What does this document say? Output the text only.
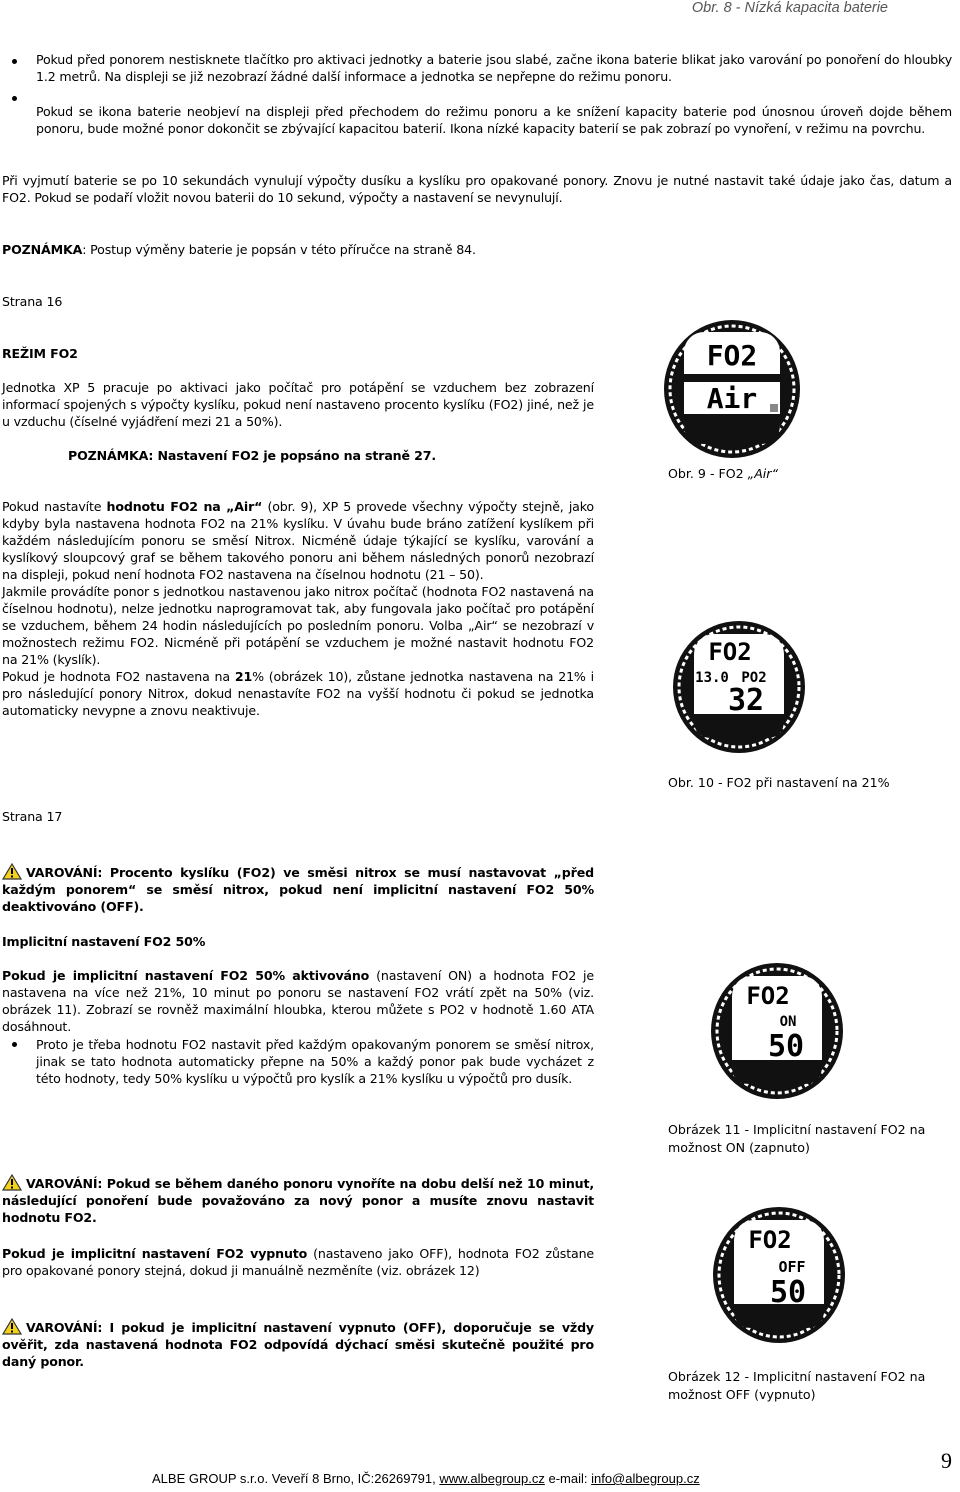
Obr. 8 - Nízká kapacita baterie
Pokud před ponorem nestisknete tlačítko pro aktivaci jednotky a baterie jsou slabé, začne ikona baterie blikat jako varování po ponoření do hloubky 1.2 metrů. Na displeji se již nezobrazí žádné další informace a jednotka se nepřepne do režimu ponoru.
Pokud se ikona baterie neobjeví na displeji před přechodem do režimu ponoru a ke snížení kapacity baterie pod únosnou úroveň dojde během ponoru, bude možné ponor dokončit se zbývající kapacitou baterií. Ikona nízké kapacity baterií se pak zobrazí po vynoření, v režimu na povrchu.
Při vyjmutí baterie se po 10 sekundách vynulují výpočty dusíku a kyslíku pro opakované ponory. Znovu je nutné nastavit také údaje jako čas, datum a FO2. Pokud se podaří vložit novou baterii do 10 sekund, výpočty a nastavení se nevynulují.
POZNÁMKA: Postup výměny baterie je popsán v této příručce na straně 84.
Strana 16
REŽIM FO2
Jednotka XP 5 pracuje po aktivaci jako počítač pro potápění se vzduchem bez zobrazení informací spojených s výpočty kyslíku, pokud není nastaveno procento kyslíku (FO2) jiné, než je u vzduchu (číselné vyjádření mezi 21 a 50%).
POZNÁMKA: Nastavení FO2 je popsáno na straně 27.
Pokud nastavíte hodnotu FO2 na „Air“ (obr. 9), XP 5 provede všechny výpočty stejně, jako kdyby byla nastavena hodnota FO2 na 21% kyslíku. V úvahu bude bráno zatížení kyslíkem při každém následujícím ponoru se směsí Nitrox. Nicméně údaje týkající se kyslíku, varování a kyslíkový sloupcový graf se během takového ponoru ani během následných ponorů nezobrazí na displeji, pokud není hodnota FO2 nastavena na číselnou hodnotu (21 – 50).
Jakmile provádíte ponor s jednotkou nastavenou jako nitrox počítač (hodnota FO2 nastavená na číselnou hodnotu), nelze jednotku naprogramovat tak, aby fungovala jako počítač pro potápění se vzduchem, během 24 hodin následujících po posledním ponoru. Volba „Air“ se nezobrazí v možnostech režimu FO2. Nicméně při potápění se vzduchem je možné nastavit hodnotu FO2 na 21% (kyslík).
Pokud je hodnota FO2 nastavena na 21% (obrázek 10), zůstane jednotka nastavena na 21% i pro následující ponory Nitrox, dokud nenastavíte FO2 na vyšší hodnotu či pokud se jednotka automaticky nevypne a znovu neaktivuje.
Strana 17
VAROVÁNÍ: Procento kyslíku (FO2) ve směsi nitrox se musí nastavovat „před každým ponorem“ se směsí nitrox, pokud není implicitní nastavení FO2 50% deaktivováno (OFF).
Implicitní nastavení FO2 50%
Pokud je implicitní nastavení FO2 50% aktivováno (nastavení ON) a hodnota FO2 je nastavena na více než 21%, 10 minut po ponoru se nastavení FO2 vrátí zpět na 50% (viz. obrázek 11). Zobrazí se rovněž maximální hloubka, kterou můžete s PO2 v hodnotě 1.60 ATA dosáhnout.
Proto je třeba hodnotu FO2 nastavit před každým opakovaným ponorem se směsí nitrox, jinak se tato hodnota automaticky přepne na 50% a každý ponor pak bude vycházet z této hodnoty, tedy 50% kyslíku u výpočtů pro kyslík a 21% kyslíku u výpočtů pro dusík.
VAROVÁNÍ: Pokud se během daného ponoru vynoříte na dobu delší než 10 minut, následující ponoření bude považováno za nový ponor a musíte znovu nastavit hodnotu FO2.
Pokud je implicitní nastavení FO2 vypnuto (nastaveno jako OFF), hodnota FO2 zůstane pro opakované ponory stejná, dokud ji manuálně nezměníte (viz. obrázek 12)
VAROVÁNÍ: I pokud je implicitní nastavení vypnuto (OFF), doporučuje se vždy ověřit, zda nastavená hodnota FO2 odpovídá dýchací směsi skutečně použité pro daný ponor.
FO2
Air
Obr. 9 - FO2 „Air“
FO2
13.0 PO2
32
Obr. 10 - FO2 při nastavení na 21%
FO2
ON
50
Obrázek 11 - Implicitní nastavení FO2 na možnost ON (zapnuto)
FO2
OFF
50
Obrázek 12 - Implicitní nastavení FO2 na možnost OFF (vypnuto)
ALBE GROUP s.r.o. Veveří 8 Brno, IČ:26269791, www.albegroup.cz e-mail: info@albegroup.cz
9
